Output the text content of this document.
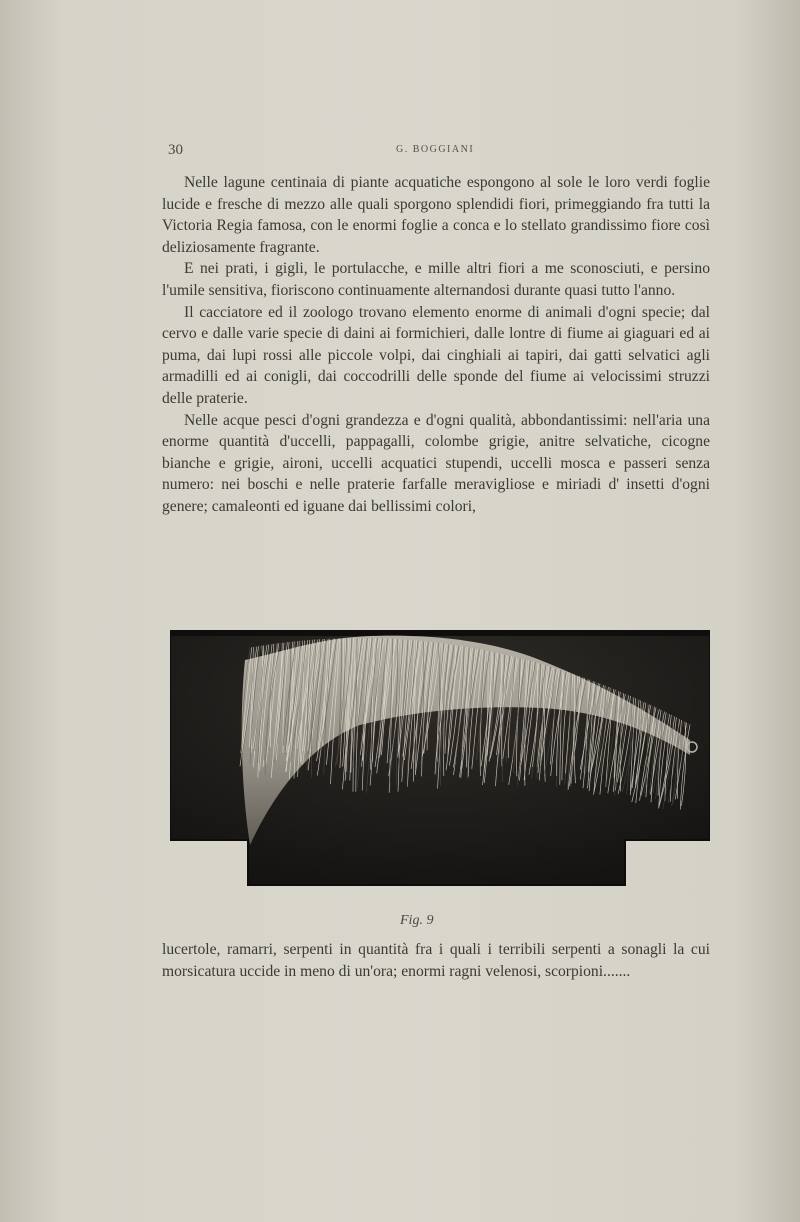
30	G. BOGGIANI

Nelle lagune centinaia di piante acquatiche espongono al sole le loro verdi foglie lucide e fresche di mezzo alle quali sporgono splendidi fiori, primeggiando fra tutti la Victoria Regia famosa, con le enormi foglie a conca e lo stellato grandissimo fiore così deliziosamente fragrante.

E nei prati, i gigli, le portulacche, e mille altri fiori a me sconosciuti, e persino l'umile sensitiva, fioriscono continuamente alternandosi durante quasi tutto l'anno.

Il cacciatore ed il zoologo trovano elemento enorme di animali d'ogni specie; dal cervo e dalle varie specie di daini ai formichieri, dalle lontre di fiume ai giaguari ed ai puma, dai lupi rossi alle piccole volpi, dai cinghiali ai tapiri, dai gatti selvatici agli armadilli ed ai conigli, dai coccodrilli delle sponde del fiume ai velocissimi struzzi delle praterie.

Nelle acque pesci d'ogni grandezza e d'ogni qualità, abbondantissimi: nell'aria una enorme quantità d'uccelli, pappagalli, colombe grigie, anitre selvatiche, cicogne bianche e grigie, aironi, uccelli acquatici stupendi, uccelli mosca e passeri senza numero: nei boschi e nelle praterie farfalle meravigliose e miriadi d' insetti d'ogni genere; camaleonti ed iguane dai bellissimi colori,

Fig. 9

lucertole, ramarri, serpenti in quantità fra i quali i terribili serpenti a sonagli la cui morsicatura uccide in meno di un'ora; enormi ragni velenosi, scorpioni.......
